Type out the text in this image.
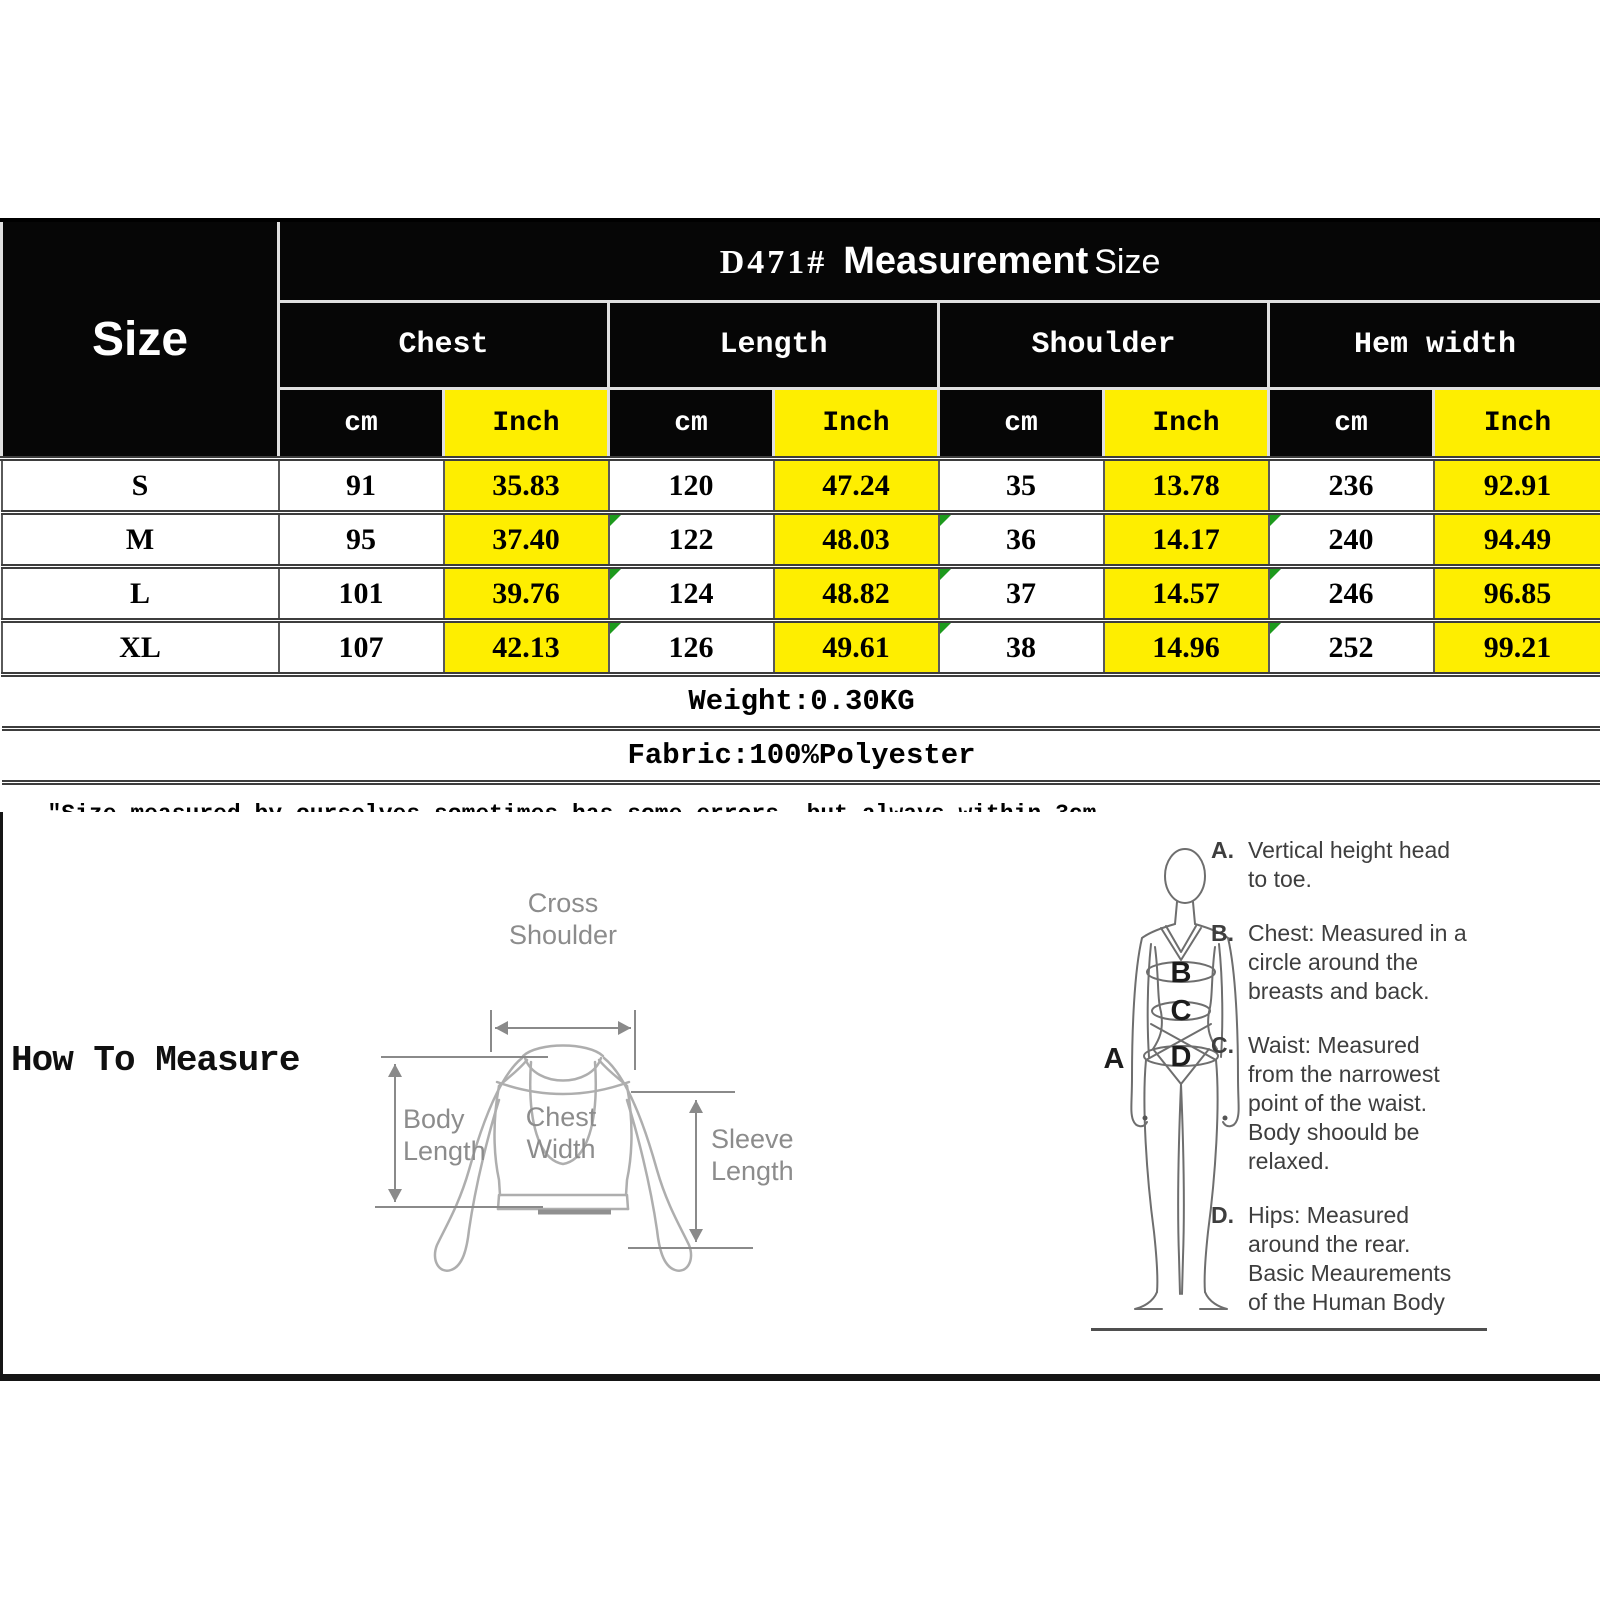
Size	D471# Measurement Size							
	Chest		Length		Shoulder		Hem width	
	cm	Inch	cm	Inch	cm	Inch	cm	Inch
S	91	35.83	120	47.24	35	13.78	236	92.91
M	95	37.40	122	48.03	36	14.17	240	94.49
L	101	39.76	124	48.82	37	14.57	246	96.85
XL	107	42.13	126	49.61	38	14.96	252	99.21
Weight:0.30KG								
Fabric:100%Polyester								

How To Measure
Cross
Shoulder
Body
Length
Chest
Width	Sleeve
Length
A
B
C
D
A. Vertical height head
to toe.
B. Chest: Measured in a
circle around the
breasts and back.
C. Waist: Measured
from the narrowest
point of the waist.
Body shoould be
relaxed.
D. Hips: Measured
around the rear.
Basic Meaurements
of the Human Body
